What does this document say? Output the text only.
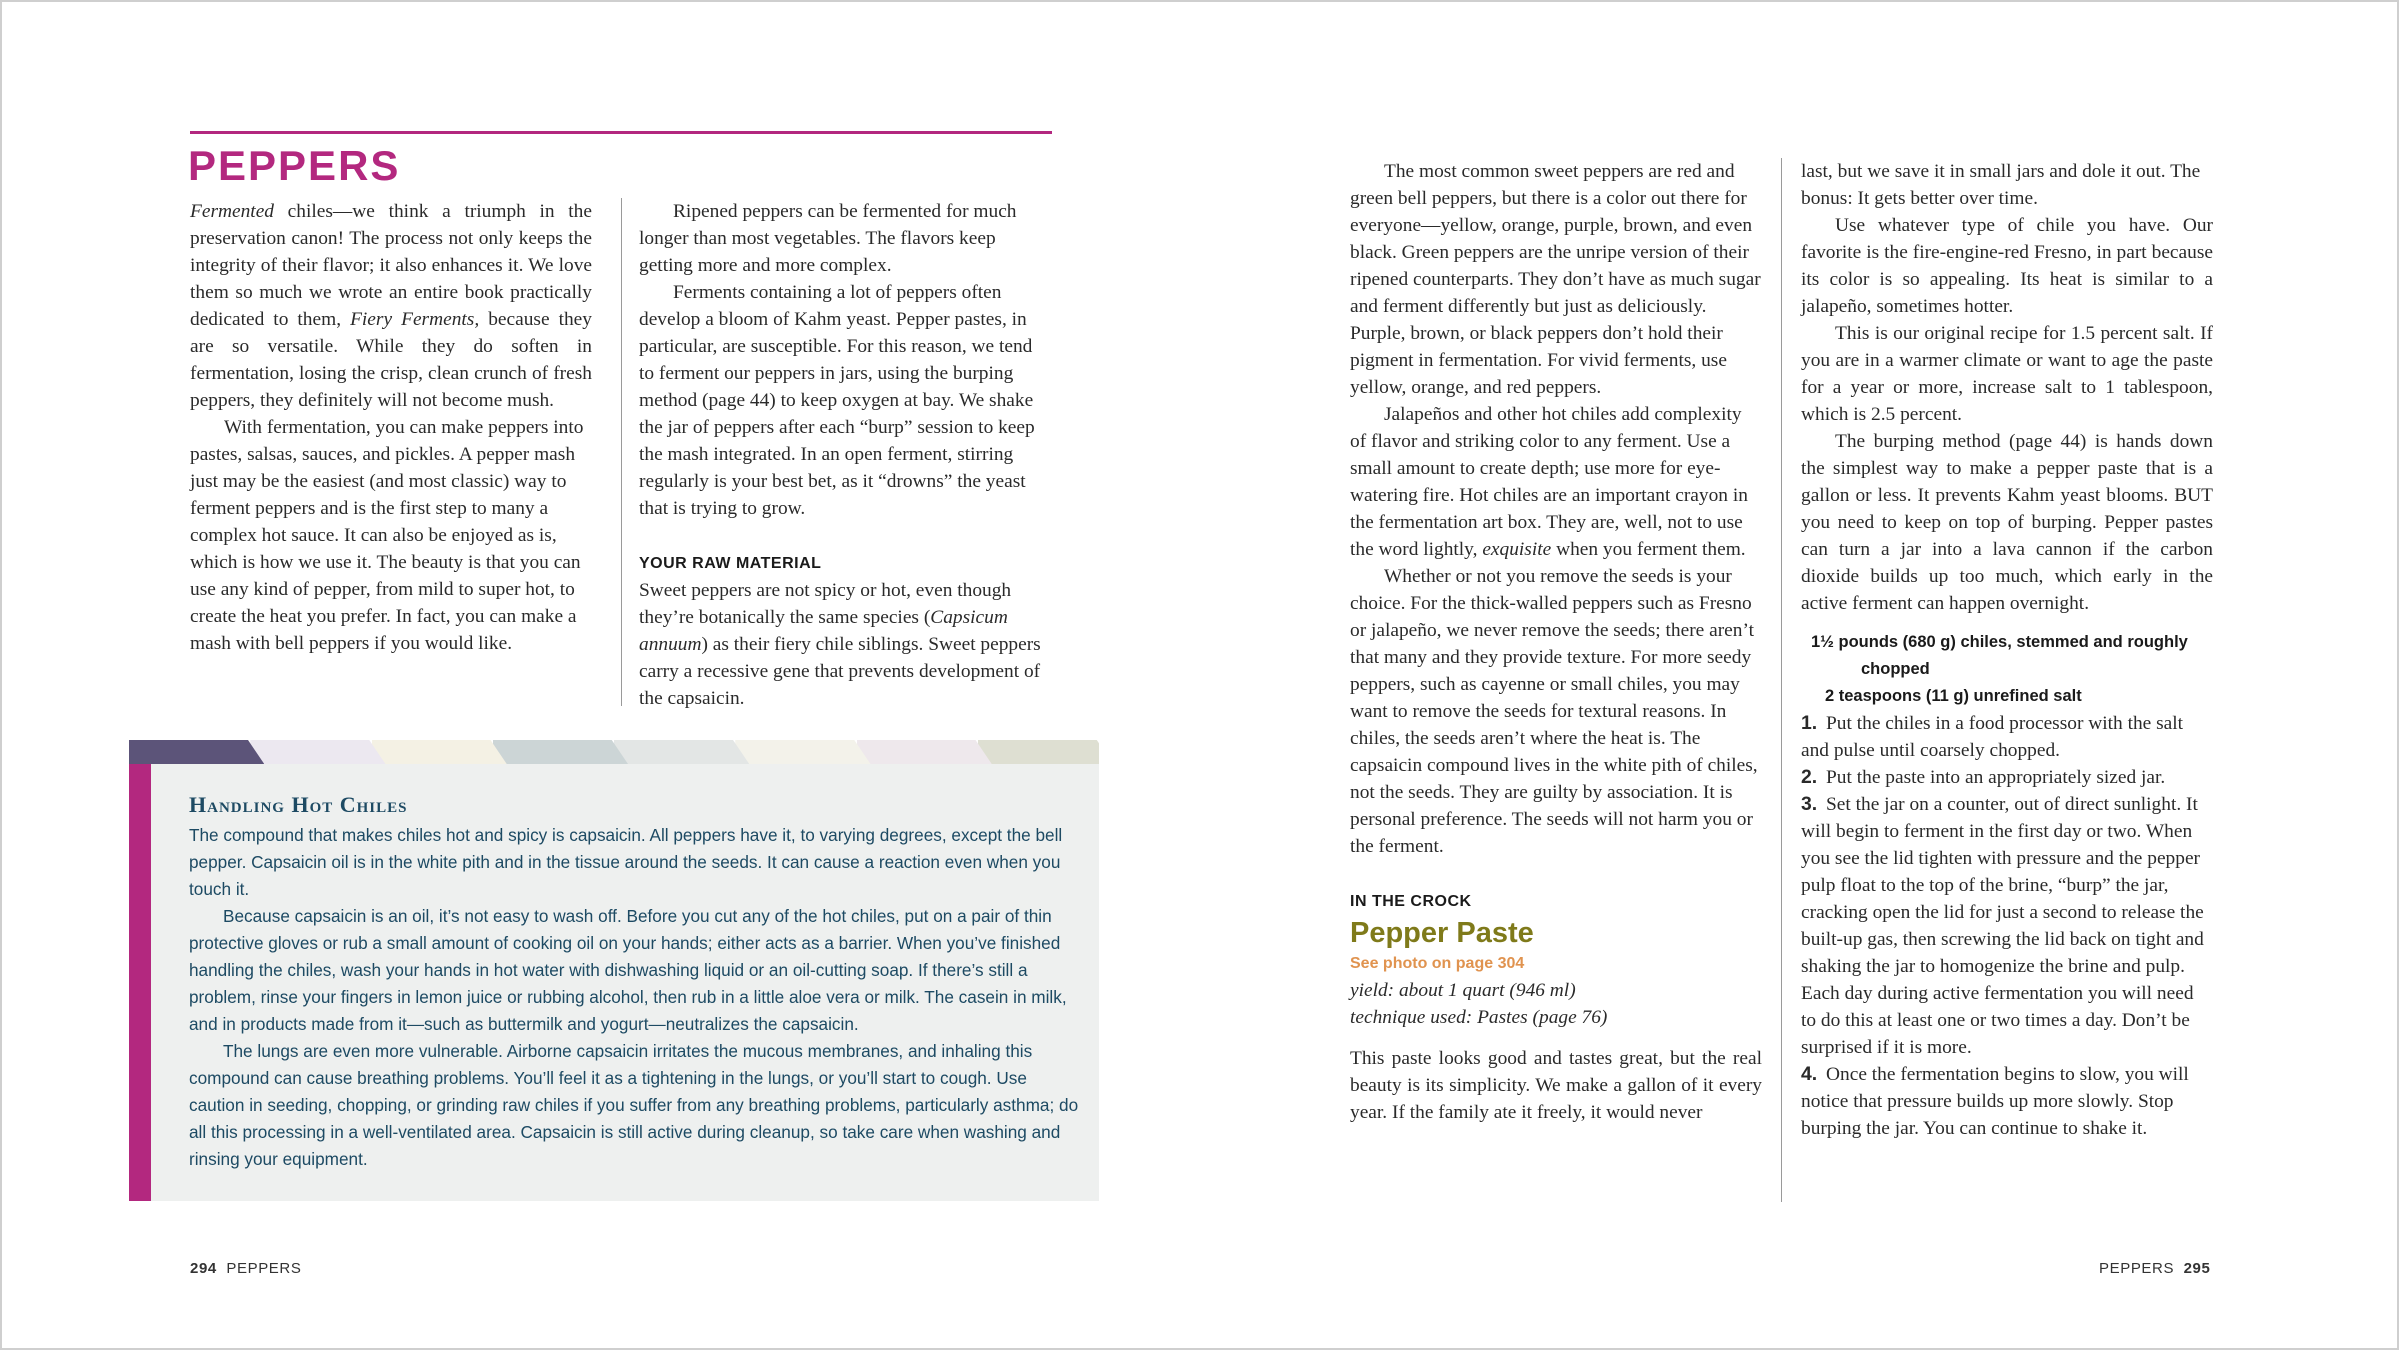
PEPPERS

Fermented chiles—we think a triumph in the preservation canon! The process not only keeps the integrity of their flavor; it also enhances it. We love them so much we wrote an entire book practically dedicated to them, Fiery Ferments, because they are so versatile. While they do soften in fermentation, losing the crisp, clean crunch of fresh peppers, they definitely will not become mush.

With fermentation, you can make peppers into pastes, salsas, sauces, and pickles. A pepper mash just may be the easiest (and most classic) way to ferment peppers and is the first step to many a complex hot sauce. It can also be enjoyed as is, which is how we use it. The beauty is that you can use any kind of pepper, from mild to super hot, to create the heat you prefer. In fact, you can make a mash with bell peppers if you would like.

Ripened peppers can be fermented for much longer than most vegetables. The flavors keep getting more and more complex.

Ferments containing a lot of peppers often develop a bloom of Kahm yeast. Pepper pastes, in particular, are susceptible. For this reason, we tend to ferment our peppers in jars, using the burping method (page 44) to keep oxygen at bay. We shake the jar of peppers after each “burp” session to keep the mash integrated. In an open ferment, stirring regularly is your best bet, as it “drowns” the yeast that is trying to grow.

YOUR RAW MATERIAL

Sweet peppers are not spicy or hot, even though they’re botanically the same species (Capsicum annuum) as their fiery chile siblings. Sweet peppers carry a recessive gene that prevents development of the capsaicin.

Handling Hot Chiles

The compound that makes chiles hot and spicy is capsaicin. All peppers have it, to varying degrees, except the bell pepper. Capsaicin oil is in the white pith and in the tissue around the seeds. It can cause a reaction even when you touch it.

Because capsaicin is an oil, it’s not easy to wash off. Before you cut any of the hot chiles, put on a pair of thin protective gloves or rub a small amount of cooking oil on your hands; either acts as a barrier. When you’ve finished handling the chiles, wash your hands in hot water with dishwashing liquid or an oil-cutting soap. If there’s still a problem, rinse your fingers in lemon juice or rubbing alcohol, then rub in a little aloe vera or milk. The casein in milk, and in products made from it—such as buttermilk and yogurt—neutralizes the capsaicin.

The lungs are even more vulnerable. Airborne capsaicin irritates the mucous membranes, and inhaling this compound can cause breathing problems. You’ll feel it as a tightening in the lungs, or you’ll start to cough. Use caution in seeding, chopping, or grinding raw chiles if you suffer from any breathing problems, particularly asthma; do all this processing in a well-ventilated area. Capsaicin is still active during cleanup, so take care when washing and rinsing your equipment.

294 PEPPERS

The most common sweet peppers are red and green bell peppers, but there is a color out there for everyone—yellow, orange, purple, brown, and even black. Green peppers are the unripe version of their ripened counterparts. They don’t have as much sugar and ferment differently but just as deliciously. Purple, brown, or black peppers don’t hold their pigment in fermentation. For vivid ferments, use yellow, orange, and red peppers.

Jalapeños and other hot chiles add complexity of flavor and striking color to any ferment. Use a small amount to create depth; use more for eye-watering fire. Hot chiles are an important crayon in the fermentation art box. They are, well, not to use the word lightly, exquisite when you ferment them.

Whether or not you remove the seeds is your choice. For the thick-walled peppers such as Fresno or jalapeño, we never remove the seeds; there aren’t that many and they provide texture. For more seedy peppers, such as cayenne or small chiles, you may want to remove the seeds for textural reasons. In chiles, the seeds aren’t where the heat is. The capsaicin compound lives in the white pith of chiles, not the seeds. They are guilty by association. It is personal preference. The seeds will not harm you or the ferment.

IN THE CROCK

Pepper Paste

See photo on page 304

yield: about 1 quart (946 ml)

technique used: Pastes (page 76)

This paste looks good and tastes great, but the real beauty is its simplicity. We make a gallon of it every year. If the family ate it freely, it would never

last, but we save it in small jars and dole it out. The bonus: It gets better over time.

Use whatever type of chile you have. Our favorite is the fire-engine-red Fresno, in part because its color is so appealing. Its heat is similar to a jalapeño, sometimes hotter.

This is our original recipe for 1.5 percent salt. If you are in a warmer climate or want to age the paste for a year or more, increase salt to 1 tablespoon, which is 2.5 percent.

The burping method (page 44) is hands down the simplest way to make a pepper paste that is a gallon or less. It prevents Kahm yeast blooms. BUT you need to keep on top of burping. Pepper pastes can turn a jar into a lava cannon if the carbon dioxide builds up too much, which early in the active ferment can happen overnight.

1½ pounds (680 g) chiles, stemmed and roughly
chopped
2 teaspoons (11 g) unrefined salt

1. Put the chiles in a food processor with the salt and pulse until coarsely chopped.

2. Put the paste into an appropriately sized jar.

3. Set the jar on a counter, out of direct sunlight. It will begin to ferment in the first day or two. When you see the lid tighten with pressure and the pepper pulp float to the top of the brine, “burp” the jar, cracking open the lid for just a second to release the built-up gas, then screwing the lid back on tight and shaking the jar to homogenize the brine and pulp. Each day during active fermentation you will need to do this at least one or two times a day. Don’t be surprised if it is more.

4. Once the fermentation begins to slow, you will notice that pressure builds up more slowly. Stop burping the jar. You can continue to shake it.

PEPPERS 295
